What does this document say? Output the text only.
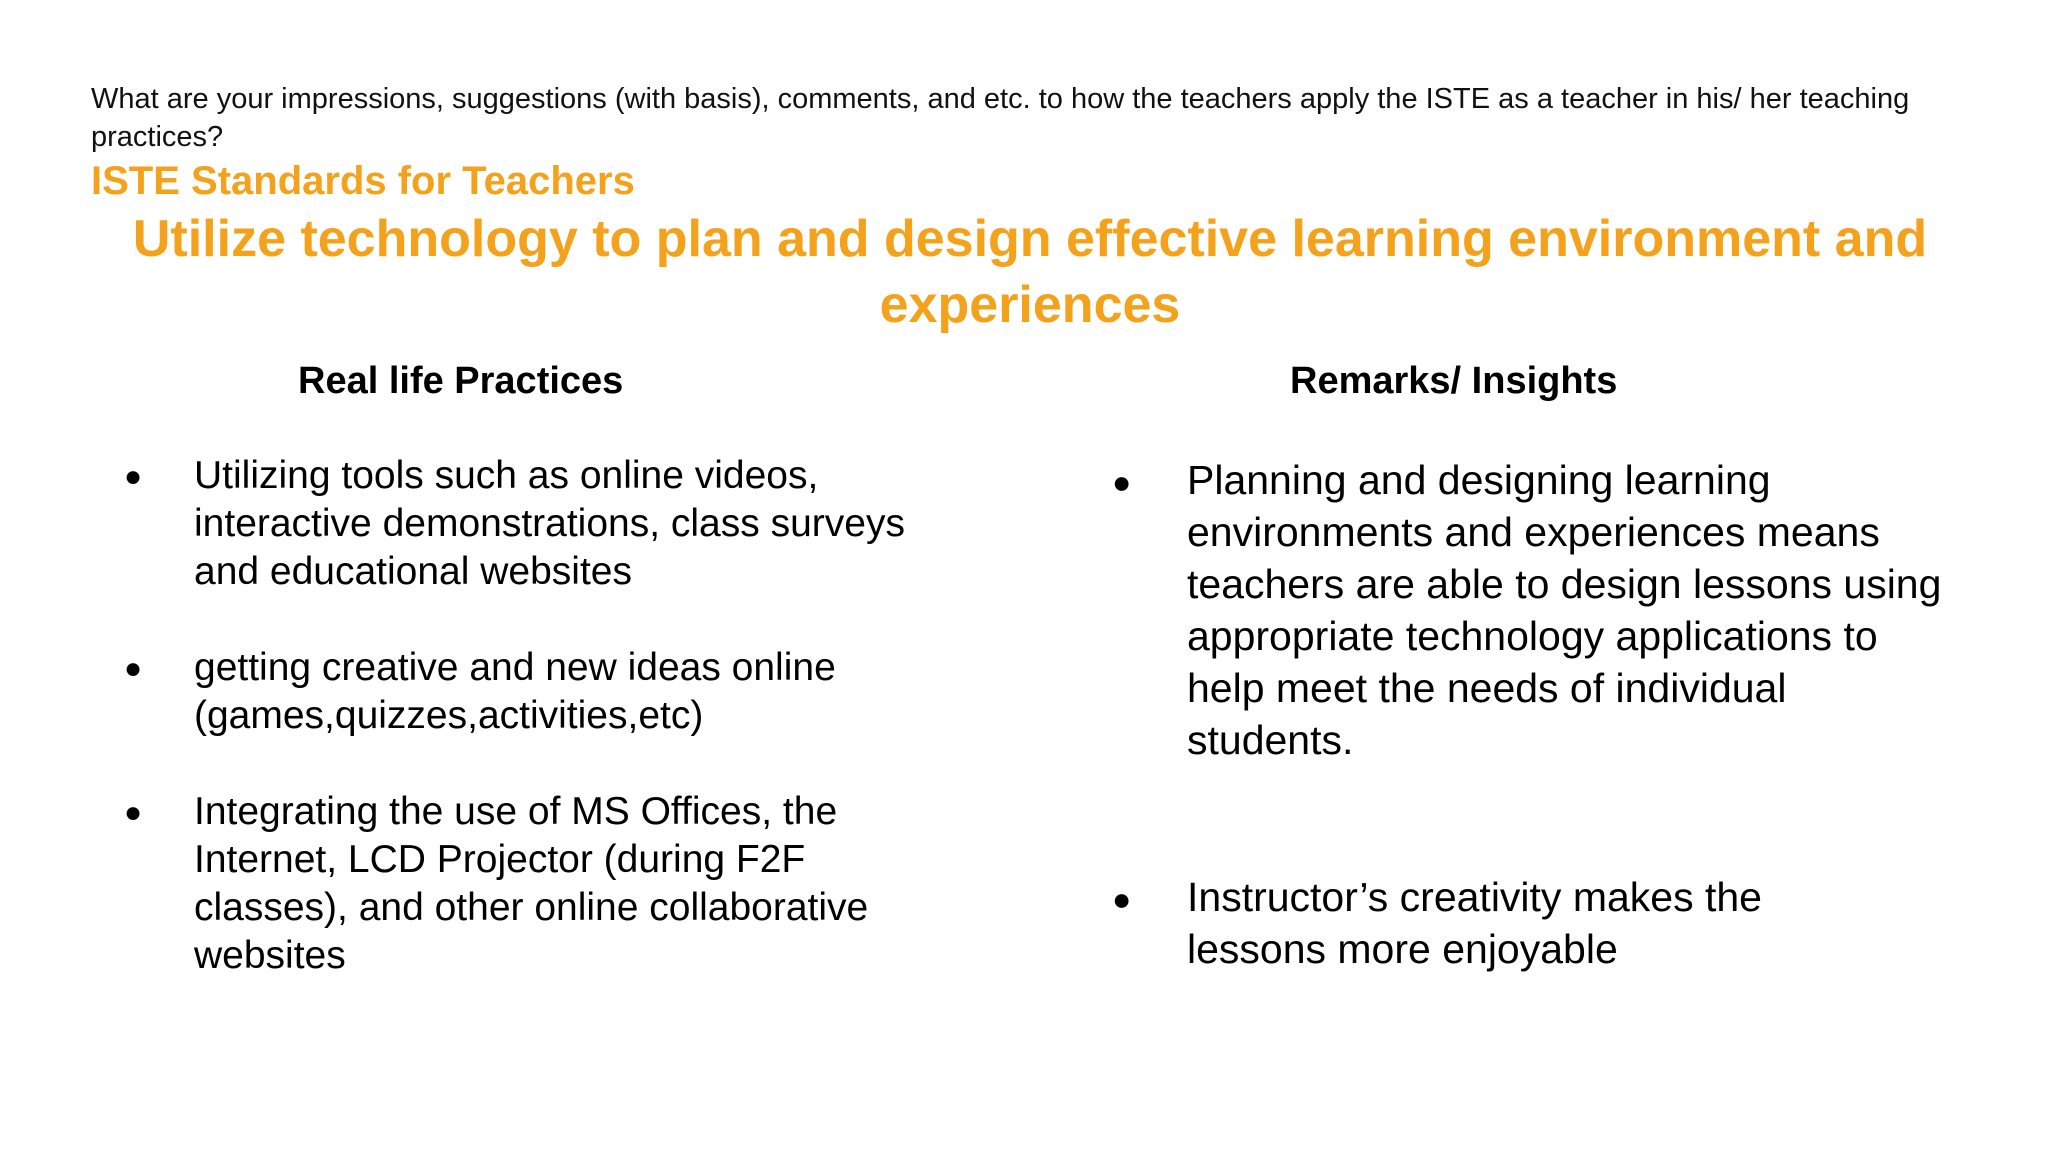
What are your impressions, suggestions (with basis), comments, and etc. to how the teachers apply the ISTE as a teacher in his/ her teaching practices?
ISTE Standards for Teachers
Utilize technology to plan and design effective learning environment and experiences
Real life Practices	Remarks/ Insights
● Utilizing tools such as online videos, interactive demonstrations, class surveys and educational websites
● getting creative and new ideas online (games,quizzes,activities,etc)
● Integrating the use of MS Offices, the Internet, LCD Projector (during F2F classes), and other online collaborative websites
● Planning and designing learning environments and experiences means teachers are able to design lessons using appropriate technology applications to help meet the needs of individual students.
● Instructor’s creativity makes the lessons more enjoyable
